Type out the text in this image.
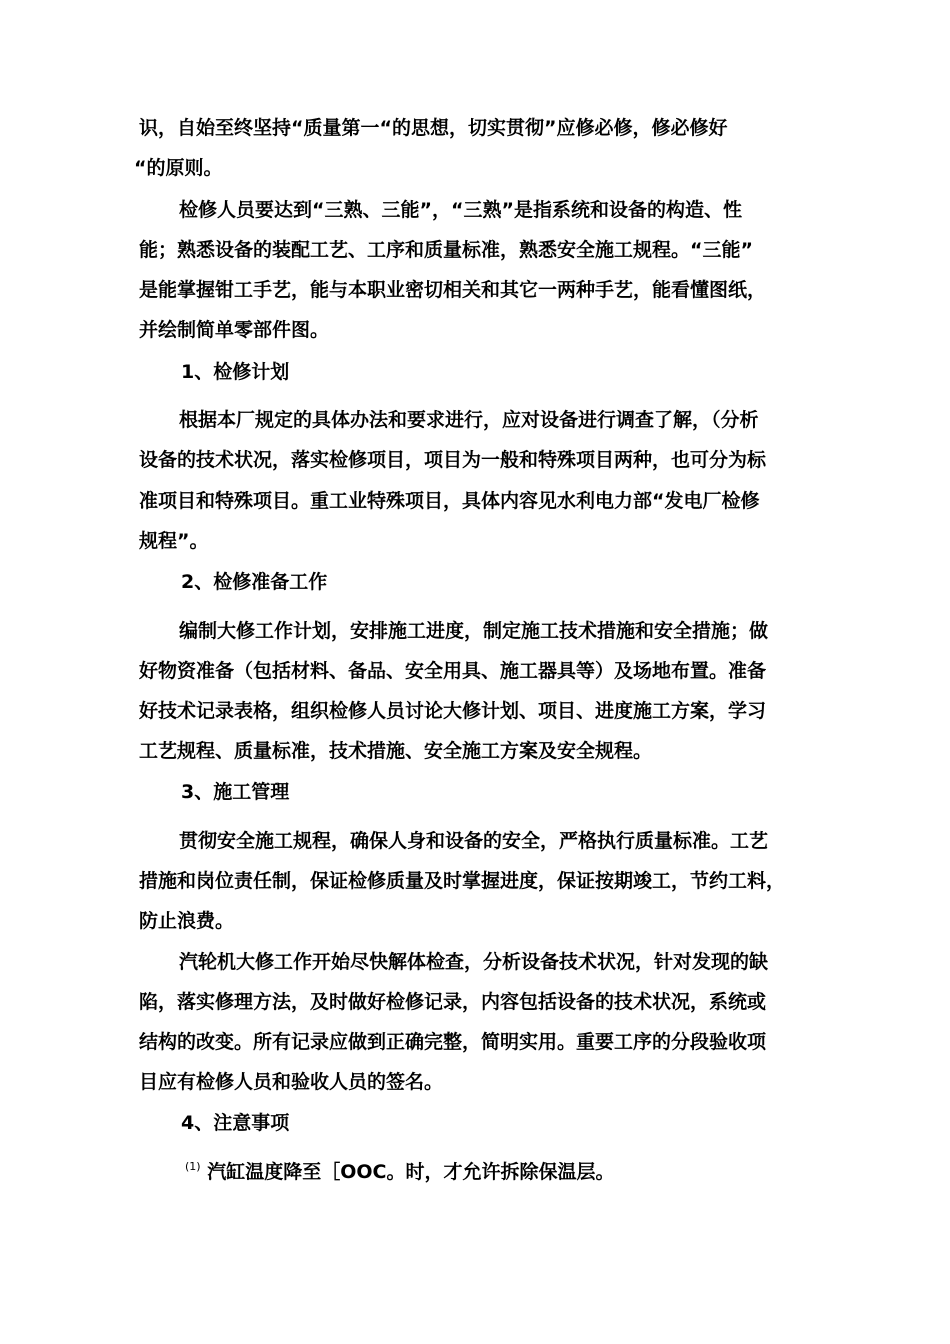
识，自始至终坚持“质量第一“的思想，切实贯彻”应修必修，修必修好

“的原则。

检修人员要达到“三熟、三能”，“三熟”是指系统和设备的构造、性

能；熟悉设备的装配工艺、工序和质量标准，熟悉安全施工规程。“三能”

是能掌握钳工手艺，能与本职业密切相关和其它一两种手艺，能看懂图纸，

并绘制简单零部件图。

1、检修计划

根据本厂规定的具体办法和要求进行，应对设备进行调查了解，（分析

设备的技术状况，落实检修项目，项目为一般和特殊项目两种，也可分为标

准项目和特殊项目。重工业特殊项目，具体内容见水利电力部“发电厂检修

规程”。

2、检修准备工作

编制大修工作计划，安排施工进度，制定施工技术措施和安全措施；做

好物资准备（包括材料、备品、安全用具、施工器具等）及场地布置。准备

好技术记录表格，组织检修人员讨论大修计划、项目、进度施工方案，学习

工艺规程、质量标准，技术措施、安全施工方案及安全规程。

3、施工管理

贯彻安全施工规程，确保人身和设备的安全，严格执行质量标准。工艺

措施和岗位责任制，保证检修质量及时掌握进度，保证按期竣工，节约工料，

防止浪费。

汽轮机大修工作开始尽快解体检查，分析设备技术状况，针对发现的缺

陷，落实修理方法，及时做好检修记录，内容包括设备的技术状况，系统或

结构的改变。所有记录应做到正确完整，简明实用。重要工序的分段验收项

目应有检修人员和验收人员的签名。

4、注意事项

$^{(1)}$ 汽缸温度降至［OOC。时，才允许拆除保温层。
